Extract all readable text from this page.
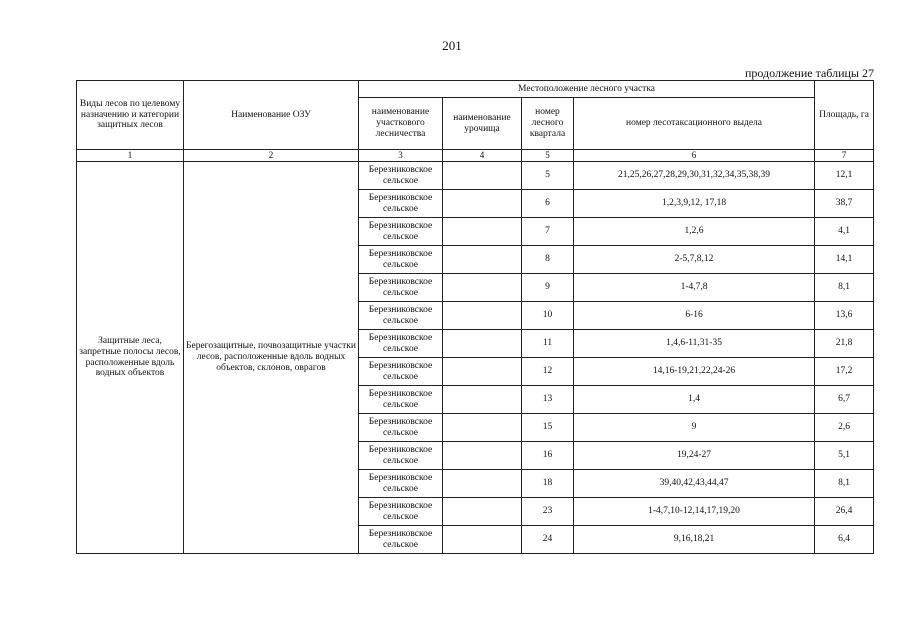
201
продолжение таблицы 27
Виды лесов по целевому назначению и категории защитных лесов	Наименование ОЗУ	Местоположение лесного участка				Площадь, га
		наименование участкового лесничества	наименование урочища	номер лесного квартала	номер лесотаксационного выдела	
1	2	3	4	5	6	7
Защитные леса, запретные полосы лесов, расположенные вдоль водных объектов	Берегозащитные, почвозащитные участки лесов, расположенные вдоль водных объектов, склонов, оврагов	Березниковское сельское		5	21,25,26,27,28,29,30,31,32,34,35,38,39	12,1
		Березниковское сельское		6	1,2,3,9,12, 17,18	38,7
		Березниковское сельское		7	1,2,6	4,1
		Березниковское сельское		8	2-5,7,8,12	14,1
		Березниковское сельское		9	1-4,7,8	8,1
		Березниковское сельское		10	6-16	13,6
		Березниковское сельское		11	1,4,6-11,31-35	21,8
		Березниковское сельское		12	14,16-19,21,22,24-26	17,2
		Березниковское сельское		13	1,4	6,7
		Березниковское сельское		15	9	2,6
		Березниковское сельское		16	19,24-27	5,1
		Березниковское сельское		18	39,40,42,43,44,47	8,1
		Березниковское сельское		23	1-4,7,10-12,14,17,19,20	26,4
		Березниковское сельское		24	9,16,18,21	6,4
